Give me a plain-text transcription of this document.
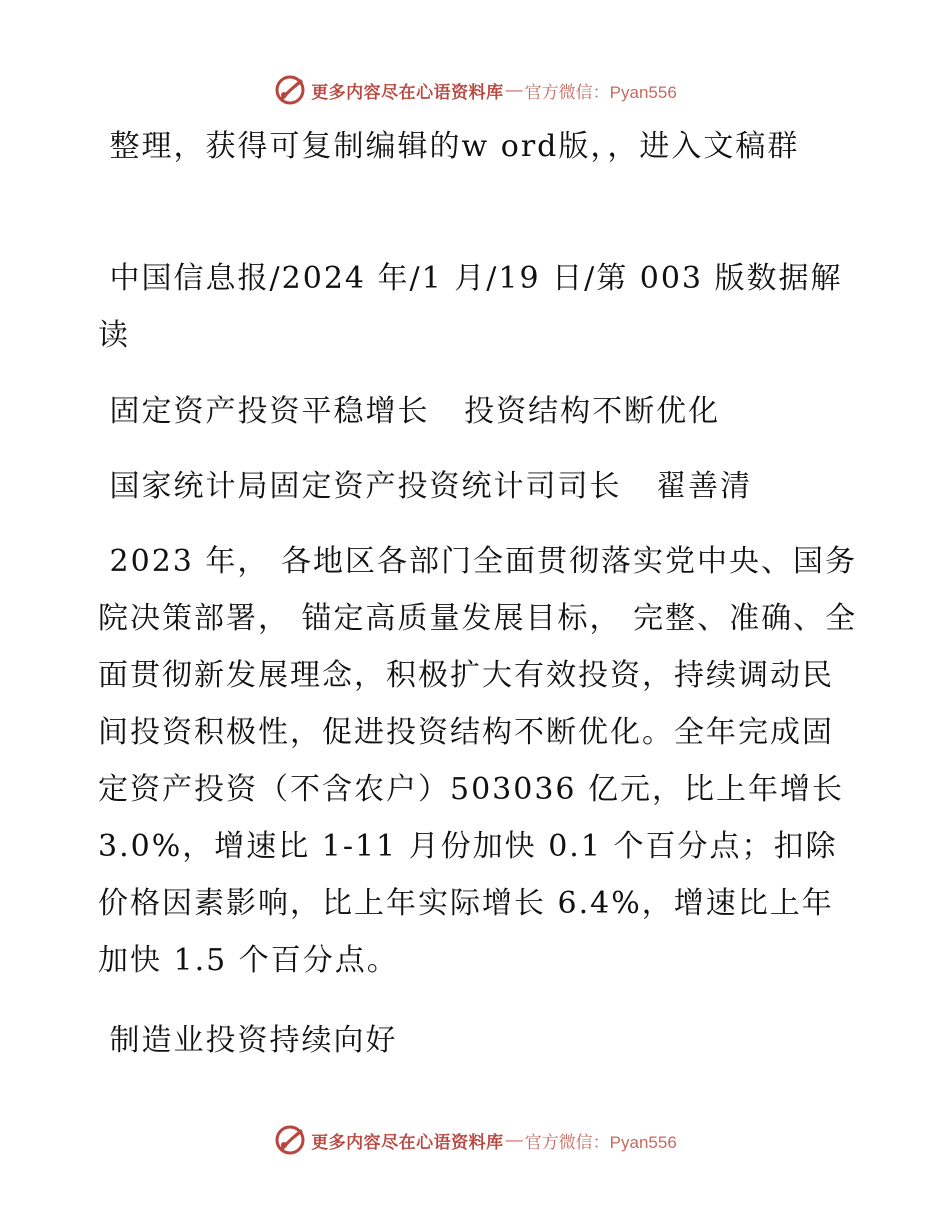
更多内容尽在心语资料库 — 官方微信：Pyan556
整理，获得可复制编辑的w ord版，，进入文稿群
中国信息报/2024 年/1 月/19 日/第 003 版数据解读
固定资产投资平稳增长   投资结构不断优化
国家统计局固定资产投资统计司司长   翟善清
2023 年， 各地区各部门全面贯彻落实党中央、国务院决策部署， 锚定高质量发展目标， 完整、准确、全面贯彻新发展理念，积极扩大有效投资，持续调动民间投资积极性，促进投资结构不断优化。全年完成固定资产投资（不含农户）503036 亿元，比上年增长 3.0%，增速比 1-11 月份加快 0.1 个百分点；扣除价格因素影响，比上年实际增长 6.4%，增速比上年加快 1.5 个百分点。
制造业投资持续向好
更多内容尽在心语资料库 — 官方微信：Pyan556
